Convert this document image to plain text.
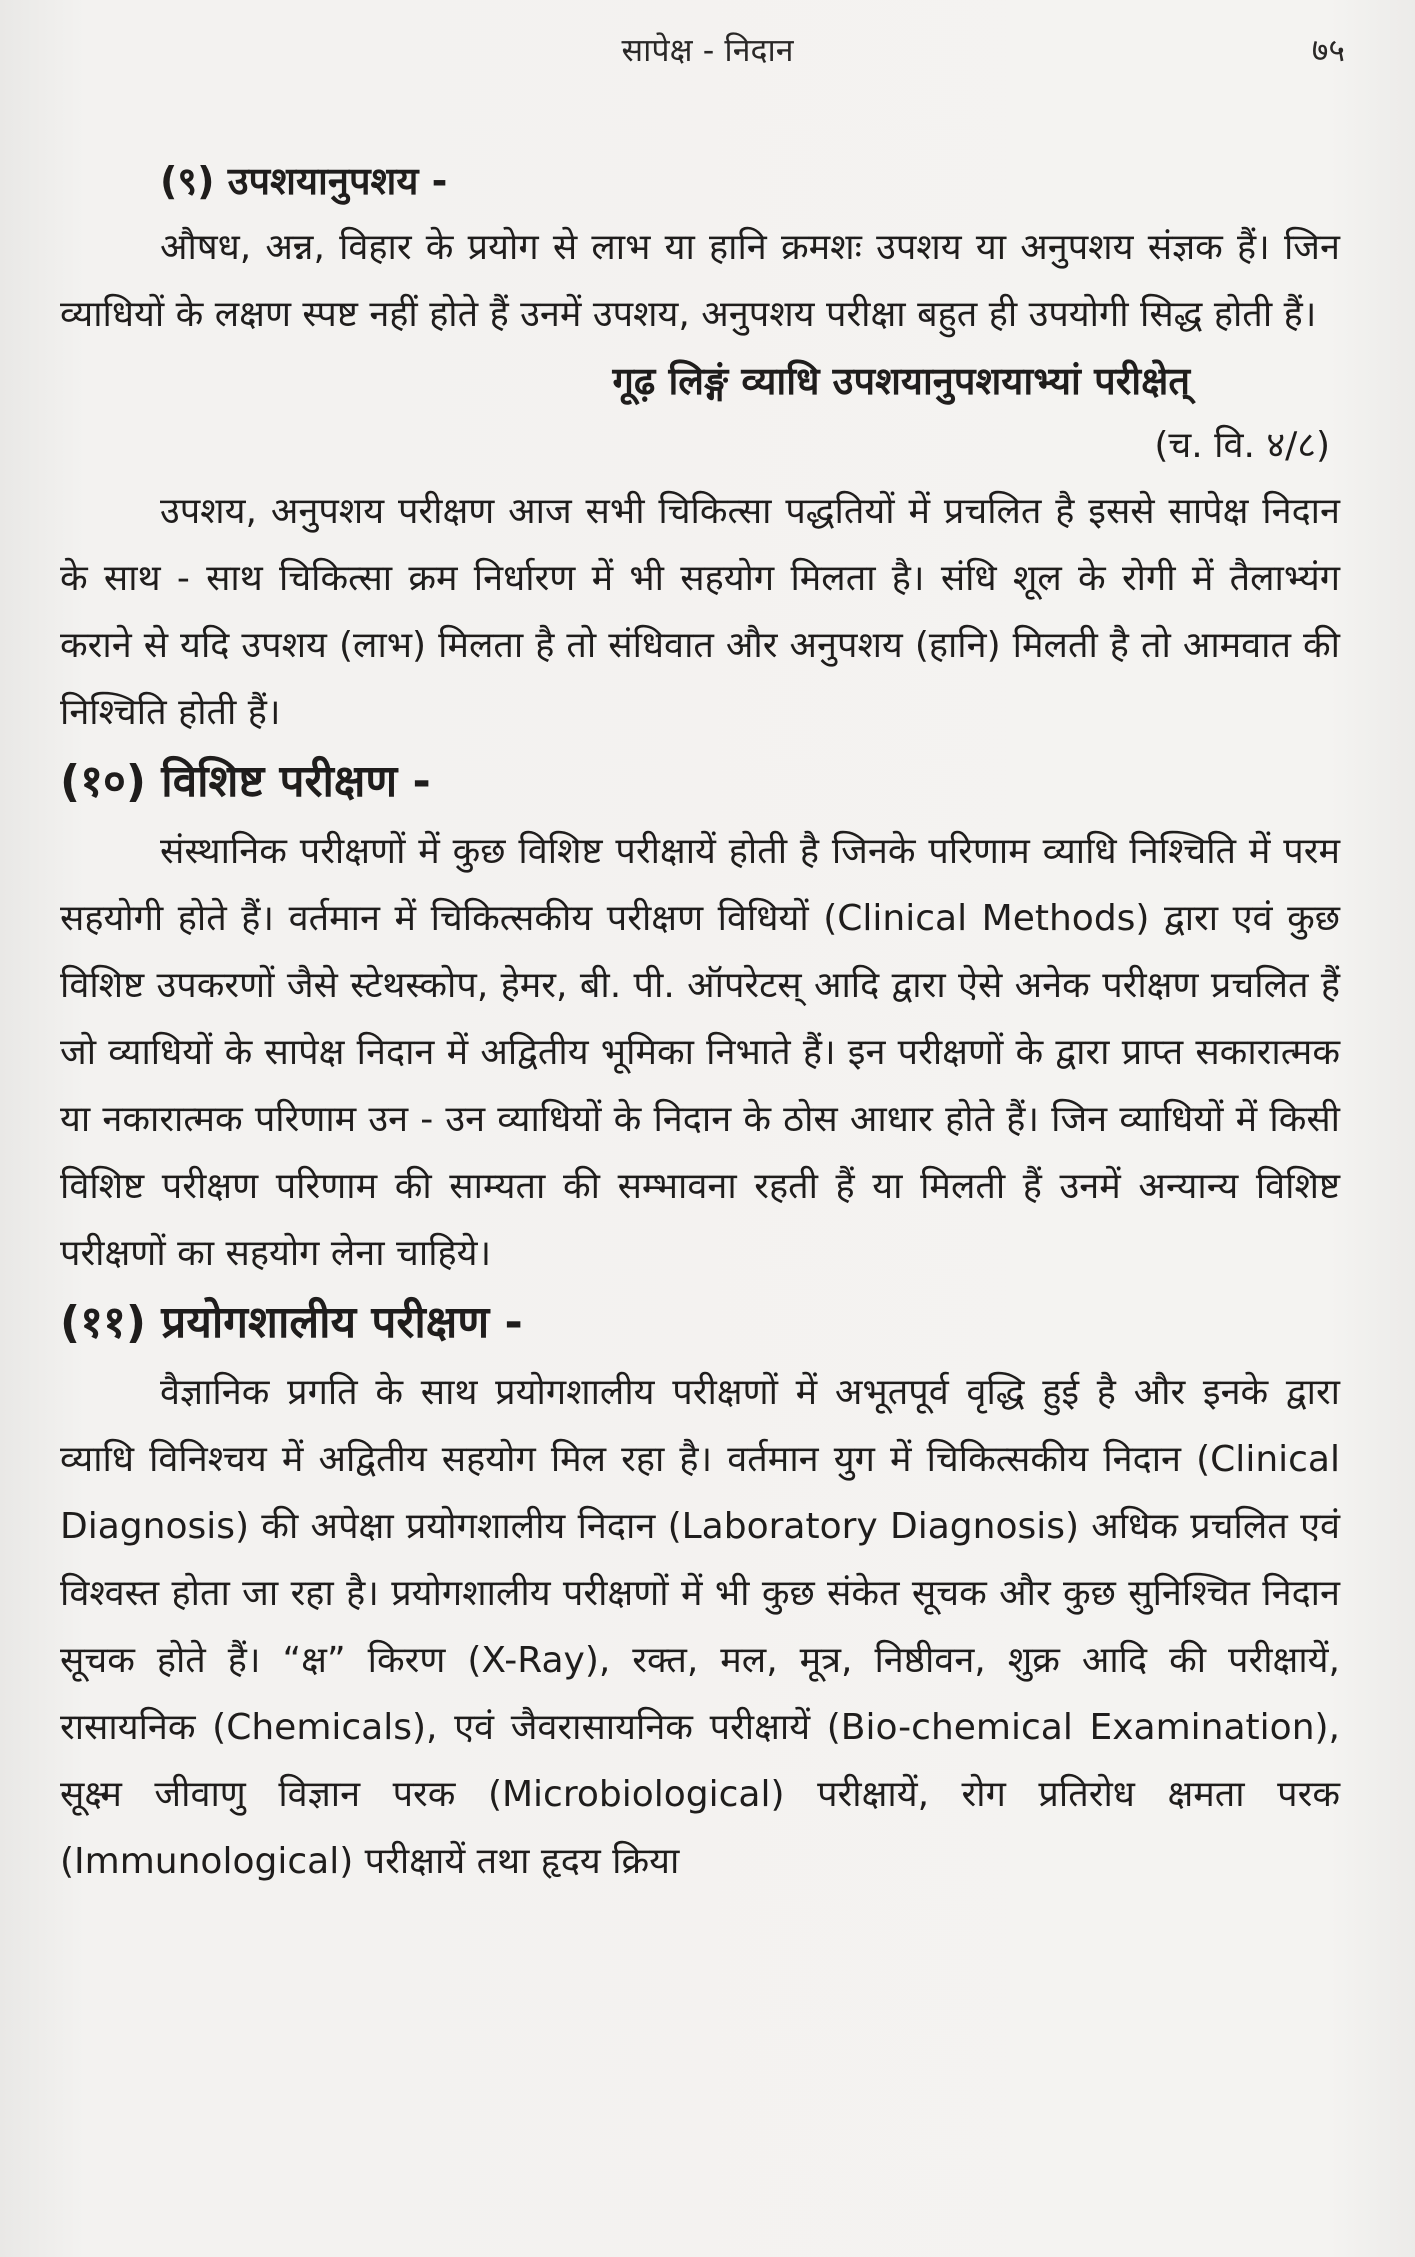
सापेक्ष - निदान	७५

(९) उपशयानुपशय -

औषध, अन्न, विहार के प्रयोग से लाभ या हानि क्रमशः उपशय या अनुपशय संज्ञक हैं। जिन व्याधियों के लक्षण स्पष्ट नहीं होते हैं उनमें उपशय, अनुपशय परीक्षा बहुत ही उपयोगी सिद्ध होती हैं।

गूढ़ लिङ्गं व्याधि उपशयानुपशयाभ्यां परीक्षेत्

(च. वि. ४/८)

उपशय, अनुपशय परीक्षण आज सभी चिकित्सा पद्धतियों में प्रचलित है इससे सापेक्ष निदान के साथ - साथ चिकित्सा क्रम निर्धारण में भी सहयोग मिलता है। संधि शूल के रोगी में तैलाभ्यंग कराने से यदि उपशय (लाभ) मिलता है तो संधिवात और अनुपशय (हानि) मिलती है तो आमवात की निश्चिति होती हैं।

(१०) विशिष्ट परीक्षण -

संस्थानिक परीक्षणों में कुछ विशिष्ट परीक्षायें होती है जिनके परिणाम व्याधि निश्चिति में परम सहयोगी होते हैं। वर्तमान में चिकित्सकीय परीक्षण विधियों (Clinical Methods) द्वारा एवं कुछ विशिष्ट उपकरणों जैसे स्टेथस्कोप, हेमर, बी. पी. ऑपरेटस् आदि द्वारा ऐसे अनेक परीक्षण प्रचलित हैं जो व्याधियों के सापेक्ष निदान में अद्वितीय भूमिका निभाते हैं। इन परीक्षणों के द्वारा प्राप्त सकारात्मक या नकारात्मक परिणाम उन - उन व्याधियों के निदान के ठोस आधार होते हैं। जिन व्याधियों में किसी विशिष्ट परीक्षण परिणाम की साम्यता की सम्भावना रहती हैं या मिलती हैं उनमें अन्यान्य विशिष्ट परीक्षणों का सहयोग लेना चाहिये।

(११) प्रयोगशालीय परीक्षण -

वैज्ञानिक प्रगति के साथ प्रयोगशालीय परीक्षणों में अभूतपूर्व वृद्धि हुई है और इनके द्वारा व्याधि विनिश्चय में अद्वितीय सहयोग मिल रहा है। वर्तमान युग में चिकित्सकीय निदान (Clinical Diagnosis) की अपेक्षा प्रयोगशालीय निदान (Laboratory Diagnosis) अधिक प्रचलित एवं विश्वस्त होता जा रहा है। प्रयोगशालीय परीक्षणों में भी कुछ संकेत सूचक और कुछ सुनिश्चित निदान सूचक होते हैं। “क्ष” किरण (X-Ray), रक्त, मल, मूत्र, निष्ठीवन, शुक्र आदि की परीक्षायें, रासायनिक (Chemicals), एवं जैवरासायनिक परीक्षायें (Bio-chemical Examination), सूक्ष्म जीवाणु विज्ञान परक (Microbiological) परीक्षायें, रोग प्रतिरोध क्षमता परक (Immunological) परीक्षायें तथा हृदय क्रिया
